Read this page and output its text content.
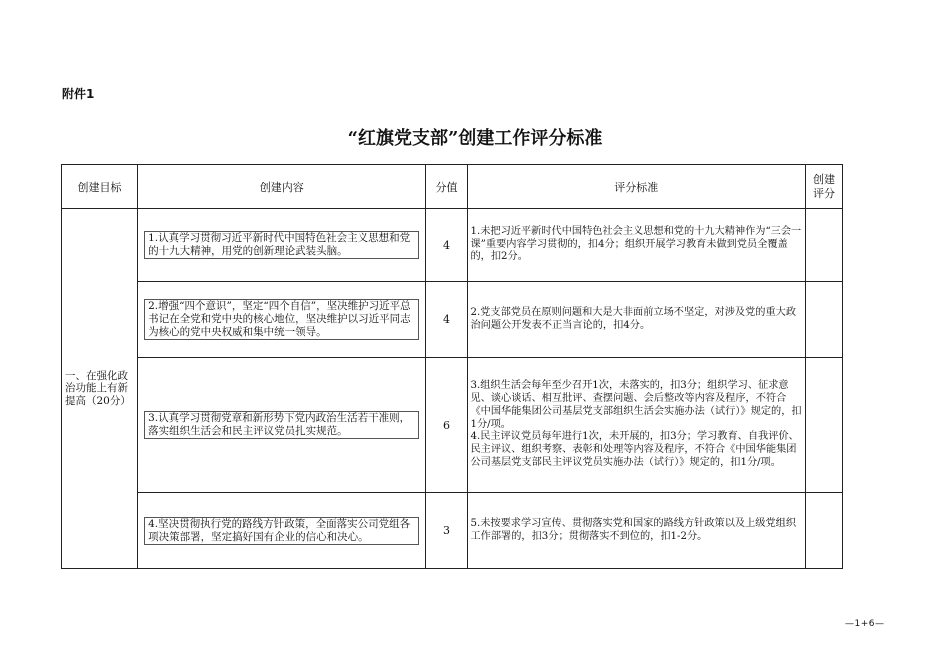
附件1
“红旗党支部”创建工作评分标准
创建目标	创建内容	分值	评分标准	创建
评分

一、在强化政治功能上有新提高（20分）	1.认真学习贯彻习近平新时代中国特色社会主义思想和党的十九大精神，用党的创新理论武装头脑。	4	1.未把习近平新时代中国特色社会主义思想和党的十九大精神作为“三会一课”重要内容学习贯彻的，扣4分；组织开展学习教育未做到党员全覆盖的，扣2分。	

2.增强“四个意识”，坚定“四个自信”，坚决维护习近平总书记在全党和党中央的核心地位，坚决维护以习近平同志为核心的党中央权威和集中统一领导。	4	2.党支部党员在原则问题和大是大非面前立场不坚定，对涉及党的重大政治问题公开发表不正当言论的，扣4分。	

3.认真学习贯彻党章和新形势下党内政治生活若干准则，落实组织生活会和民主评议党员扎实规范。	6	3.组织生活会每年至少召开1次，未落实的，扣3分；组织学习、征求意见、谈心谈话、相互批评、查摆问题、会后整改等内容及程序，不符合《中国华能集团公司基层党支部组织生活会实施办法（试行）》规定的，扣1分/项。
4.民主评议党员每年进行1次，未开展的，扣3分；学习教育、自我评价、民主评议、组织考察、表彰和处理等内容及程序，不符合《中国华能集团公司基层党支部民主评议党员实施办法（试行）》规定的，扣1分/项。	

4.坚决贯彻执行党的路线方针政策，全面落实公司党组各项决策部署，坚定搞好国有企业的信心和决心。	3	5.未按要求学习宣传、贯彻落实党和国家的路线方针政策以及上级党组织工作部署的，扣3分；贯彻落实不到位的，扣1-2分。	

—1+6—
